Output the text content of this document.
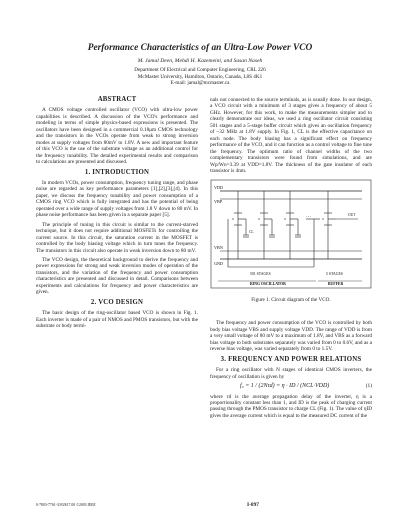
Performance Characteristics of an Ultra-Low Power VCO
M. Jamal Deen, Mehdi H. Kazemeini, and Sasan Naseh
Department Of Electrical and Computer Engineering, CRL 226
McMaster University, Hamilton, Ontario, Canada, L8S 4K1
E-mail: jamal@mcmaster.ca
ABSTRACT

A CMOS voltage controlled oscillator (VCO) with ultra-low power capabilities is described. A discussion of the VCO's performance and modeling in terms of simple physics-based expressions is presented. The oscillators have been designed in a commercial 0.18μm CMOS technology and the transistors in the VCOs operate from weak to strong inversion modes at supply voltages from 80mV to 1.8V. A new and important feature of this VCO is the use of the substrate voltage as an additional control for the frequency tunability. The detailed experimental results and comparison to calculations are presented and discussed.

1. INTRODUCTION

In modern VCOs, power consumption, frequency tuning range, and phase noise are regarded as key performance parameters [1],[2],[3],[4]. In this paper, we discuss the frequency tunability and power consumption of a CMOS ring VCO which is fully integrated and has the potential of being operated over a wide range of supply voltages from 1.8 V down to 80 mV. In phase noise performance has been given in a separate paper [5].

The principle of tuning in this circuit is similar to the current-starved technique, but it does not require additional MOSFETs for controlling the current source. In this circuit, the saturation current in the MOSFET is controlled by the body biasing voltage which in turn tunes the frequency. The transistors in this circuit also operate in weak inversion down to 80 mV.

The VCO design, the theoretical background to derive the frequency and power expressions for strong and weak inversion modes of operation of the transistors, and the variation of the frequency and power consumption characteristics are presented and discussed in detail. Comparisons between experiments and calculations for frequency and power characteristics are given.

2. VCO DESIGN

The basic design of the ring-oscillator based VCO is shown in Fig. 1. Each inverter is made of a pair of NMOS and PMOS transistors, but with the substrate or body termi-

nals not connected to the source terminals, as is usually done. In our design, a VCO circuit with a minimum of 3 stages gives a frequency of about 5 GHz. However, for this work, to make the measurements simpler and to clearly demonstrate our ideas, we used a ring oscillator circuit consisting 501 stages and a 5-stage buffer circuit which gives an oscillation frequency of ~32 MHz at 1.8V supply. In Fig. 1, CL is the effective capacitance on each node. The body biasing has a significant effect on frequency performance of the VCO, and it can function as a control voltage to fine tune the frequency. The optimum ratio of channel widths of the two complementary transistors were found from simulations, and are Wp/Wn=3.39 at VDD=1.8V. The thickness of the gate insulator of each transistor is 4nm.

VDD
VBP
VBN
GND
…
CL
OUT
501 STAGES	5 STAGES
RING OSCILLATOR	BUFFER
Figure 1. Circuit diagram of the VCO.

The frequency and power consumption of the VCO is controlled by both body bias voltage VBS and supply voltage VDD. The range of VDD is from a very small voltage of 80 mV to a maximum of 1.8V, and VBS as a forward bias voltage to both substrates separately was varied from 0 to 0.6V, and as a reverse bias voltage, was varied separately from 0 to 1.5V.

3. FREQUENCY AND POWER RELATIONS

For a ring oscillator with N stages of identical CMOS inverters, the frequency of oscillation is given by

f₀ = 1 / (2Nτd) = η · ID / (NCL·VDD)	(1)

where τd is the average propagation delay of the inverter, η is a proportionality constant less than 1, and ID is the peak of charging current passing through the PMOS transistor to charge CL (Fig. 1). The value of ηID gives the average current which is equal to the measured DC current of the

0-7803-7761-3/03/$17.00 ©2003 IEEE	I-897
